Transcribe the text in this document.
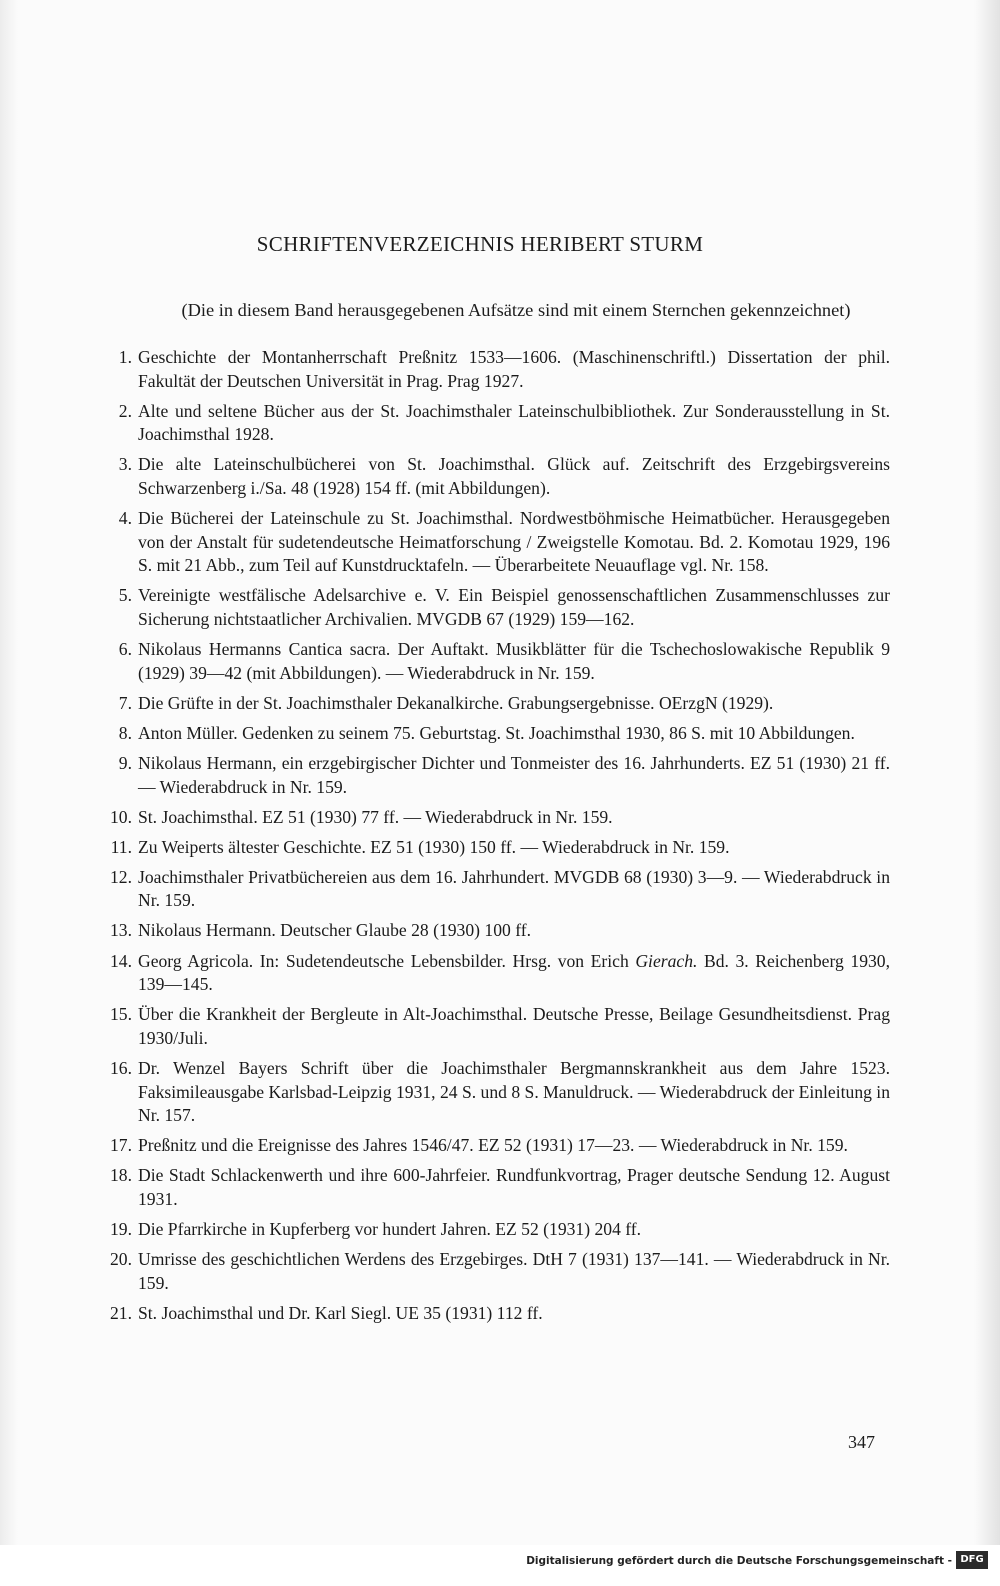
SCHRIFTENVERZEICHNIS HERIBERT STURM
(Die in diesem Band herausgegebenen Aufsätze sind mit einem Sternchen gekennzeichnet)
1. Geschichte der Montanherrschaft Preßnitz 1533—1606. (Maschinenschriftl.) Dissertation der phil. Fakultät der Deutschen Universität in Prag. Prag 1927.
2. Alte und seltene Bücher aus der St. Joachimsthaler Lateinschulbibliothek. Zur Sonderausstellung in St. Joachimsthal 1928.
3. Die alte Lateinschulbücherei von St. Joachimsthal. Glück auf. Zeitschrift des Erzgebirgsvereins Schwarzenberg i./Sa. 48 (1928) 154 ff. (mit Abbildungen).
4. Die Bücherei der Lateinschule zu St. Joachimsthal. Nordwestböhmische Heimatbücher. Herausgegeben von der Anstalt für sudetendeutsche Heimatforschung / Zweigstelle Komotau. Bd. 2. Komotau 1929, 196 S. mit 21 Abb., zum Teil auf Kunstdrucktafeln. — Überarbeitete Neuauflage vgl. Nr. 158.
5. Vereinigte westfälische Adelsarchive e. V. Ein Beispiel genossenschaftlichen Zusammenschlusses zur Sicherung nichtstaatlicher Archivalien. MVGDB 67 (1929) 159—162.
6. Nikolaus Hermanns Cantica sacra. Der Auftakt. Musikblätter für die Tschechoslowakische Republik 9 (1929) 39—42 (mit Abbildungen). — Wiederabdruck in Nr. 159.
7. Die Grüfte in der St. Joachimsthaler Dekanalkirche. Grabungsergebnisse. OErzgN (1929).
8. Anton Müller. Gedenken zu seinem 75. Geburtstag. St. Joachimsthal 1930, 86 S. mit 10 Abbildungen.
9. Nikolaus Hermann, ein erzgebirgischer Dichter und Tonmeister des 16. Jahrhunderts. EZ 51 (1930) 21 ff. — Wiederabdruck in Nr. 159.
10. St. Joachimsthal. EZ 51 (1930) 77 ff. — Wiederabdruck in Nr. 159.
11. Zu Weiperts ältester Geschichte. EZ 51 (1930) 150 ff. — Wiederabdruck in Nr. 159.
12. Joachimsthaler Privatbüchereien aus dem 16. Jahrhundert. MVGDB 68 (1930) 3—9. — Wiederabdruck in Nr. 159.
13. Nikolaus Hermann. Deutscher Glaube 28 (1930) 100 ff.
14. Georg Agricola. In: Sudetendeutsche Lebensbilder. Hrsg. von Erich Gierach. Bd. 3. Reichenberg 1930, 139—145.
15. Über die Krankheit der Bergleute in Alt-Joachimsthal. Deutsche Presse, Beilage Gesundheitsdienst. Prag 1930/Juli.
16. Dr. Wenzel Bayers Schrift über die Joachimsthaler Bergmannskrankheit aus dem Jahre 1523. Faksimileausgabe Karlsbad-Leipzig 1931, 24 S. und 8 S. Manuldruck. — Wiederabdruck der Einleitung in Nr. 157.
17. Preßnitz und die Ereignisse des Jahres 1546/47. EZ 52 (1931) 17—23. — Wiederabdruck in Nr. 159.
18. Die Stadt Schlackenwerth und ihre 600-Jahrfeier. Rundfunkvortrag, Prager deutsche Sendung 12. August 1931.
19. Die Pfarrkirche in Kupferberg vor hundert Jahren. EZ 52 (1931) 204 ff.
20. Umrisse des geschichtlichen Werdens des Erzgebirges. DtH 7 (1931) 137—141. — Wiederabdruck in Nr. 159.
21. St. Joachimsthal und Dr. Karl Siegl. UE 35 (1931) 112 ff.
347
Digitalisierung gefördert durch die Deutsche Forschungsgemeinschaft - DFG
